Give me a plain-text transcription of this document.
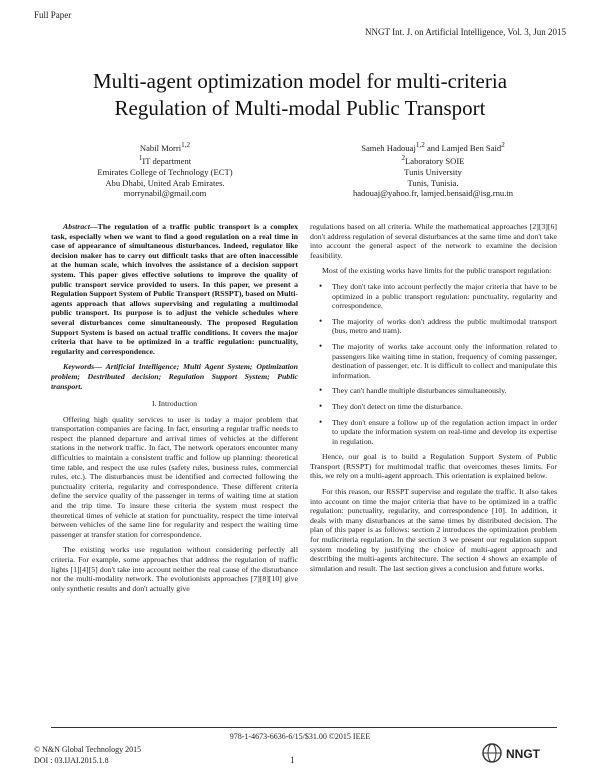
Full Paper
NNGT Int. J. on Artificial Intelligence, Vol. 3, Jun 2015
Multi-agent optimization model for multi-criteria
Regulation of Multi-modal Public Transport
Nabil Morri$^{1,2}$
$^1$IT department
Emirates College of Technology (ECT)
Abu Dhabi, United Arab Emirates.
morrynabil@gmail.com
Sameh Hadouaj$^{1,2}$ and Lamjed Ben Said$^2$
$^2$Laboratory SOIE
Tunis University
Tunis, Tunisia.
hadouaj@yahoo.fr, lamjed.bensaid@isg.rnu.tn

Abstract—The regulation of a traffic public transport is a complex task, especially when we want to find a good regulation on a real time in case of appearance of simultaneous disturbances. Indeed, regulator like decision maker has to carry out difficult tasks that are often inaccessible at the human scale, which involves the assistance of a decision support system. This paper gives effective solutions to improve the quality of public transport service provided to users. In this paper, we present a Regulation Support System of Public Transport (RSSPT), based on Multi-agents approach that allows supervising and regulating a multimodal public transport. Its purpose is to adjust the vehicle schedules where several disturbances come simultaneously. The proposed Regulation Support System is based on actual traffic conditions. It covers the major criteria that have to be optimized in a traffic regulation: punctuality, regularity and correspondence.

Keywords— Artificial Intelligence; Multi Agent System; Optimization problem; Destributed decision; Regulation Support System; Public transport.

I. Introduction

Offering high quality services to user is today a major problem that transportation companies are facing. In fact, ensuring a regular traffic needs to respect the planned departure and arrival times of vehicles at the different stations in the network traffic. In fact, The network operators encounter many difficulties to maintain a consistent traffic and follow up planning: theoretical time table, and respect the use rules (safety rules, business rules, commercial rules, etc.). The disturbances must be identified and corrected following the punctuality criteria, regularity and correspondence. These different criteria define the service quality of the passenger in terms of waiting time at station and the trip time. To insure these criteria the system must respect the theoretical times of vehicle at station for punctuality, respect the time interval between vehicles of the same line for regularity and respect the waiting time passenger at transfer station for correspondence.

The existing works use regulation without considering perfectly all criteria. For example, some approaches that address the regulation of traffic lights [1][4][5] don't take into account neither the real cause of the disturbance nor the multi-modality network. The evolutionists approaches [7][8][10] give only synthetic results and don't actually give

regulations based on all criteria. While the mathematical approaches [2][3][6] don't address regulation of several disturbances at the same time and don't take into account the general aspect of the network to examine the decision feasibility.

Most of the existing works have limits for the public transport regulation:

• They don't take into account perfectly the major criteria that have to be optimized in a public transport regulation: punctuality, regularity and correspondence.
• The majority of works don't address the public multimodal transport (bus, metro and tram).
• The majority of works take account only the information related to passengers like waiting time in station, frequency of coming passenger, destination of passenger, etc. It is difficult to collect and manipulate this information.
• They can't handle multiple disturbances simultaneously.
• They don't detect on time the disturbance.
• They don't ensure a follow up of the regulation action impact in order to update the information system on real-time and develop its expertise in regulation.

Hence, our goal is to build a Regulation Support System of Public Transport (RSSPT) for multimodal traffic that overcomes theses limits. For this, we rely on a multi-agent approach. This orientation is explained below.

For this reason, our RSSPT supervise and regulate the traffic. It also takes into account on time the major criteria that have to be optimized in a traffic regulation: punctuality, regularity, and correspondence [10]. In addition, it deals with many disturbances at the same times by distributed decision. The plan of this paper is as follows: section 2 introduces the optimization problem for mulicriteria regulation. In the section 3 we present our regulation support system modeling by justifying the choice of multi-agent approach and describing the multi-agents architecture. The section 4 shows an example of simulation and result. The last section gives a conclusion and future works.

978-1-4673-6636-6/15/$31.00 ©2015 IEEE
© N&N Global Technology 2015
DOI : 03.IJAI.2015.1.8	1	NNGT
